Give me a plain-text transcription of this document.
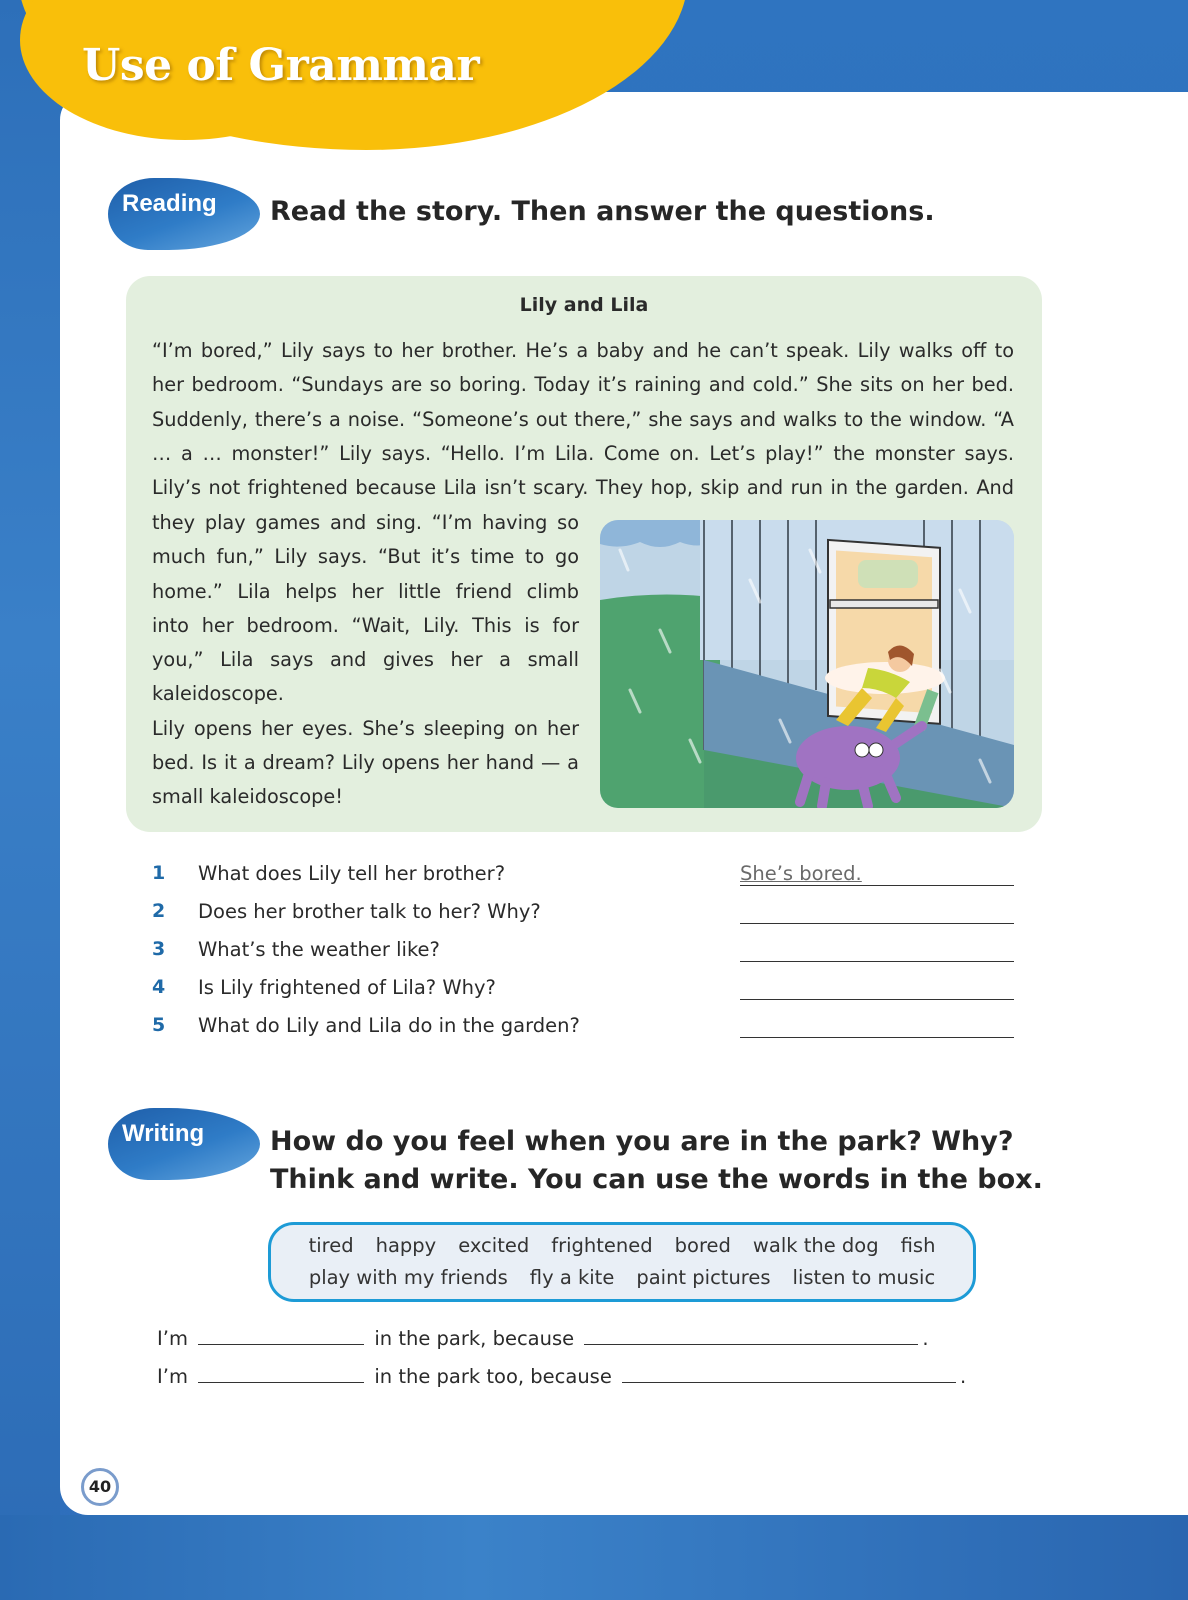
Use of Grammar
Reading Read the story. Then answer the questions.

Lily and Lila

“I’m bored,” Lily says to her brother. He’s a baby and he can’t speak. Lily walks off to her bedroom. “Sundays are so boring. Today it’s raining and cold.” She sits on her bed. Suddenly, there’s a noise. “Someone’s out there,” she says and walks to the window. “A … a … monster!” Lily says. “Hello. I’m Lila. Come on. Let’s play!” the monster says. Lily’s not frightened because Lila isn’t scary. They hop, skip and run in the garden. And

they play games and sing. “I’m having so much fun,” Lily says. “But it’s time to go home.” Lila helps her little friend climb into her bedroom. “Wait, Lily. This is for you,” Lila says and gives her a small kaleidoscope.

Lily opens her eyes. She’s sleeping on her bed. Is it a dream? Lily opens her hand — a small kaleidoscope!

1 What does Lily tell her brother?	She’s bored.
2 Does her brother talk to her? Why?
3 What’s the weather like?
4 Is Lily frightened of Lila? Why?
5 What do Lily and Lila do in the garden?
Writing How do you feel when you are in the park? Why?

Think and write. You can use the words in the box.

tired happy excited frightened bored walk the dog fish
play with my friends fly a kite paint pictures listen to music
I’m	in the park, because	.
I’m	in the park too, because	.
40
